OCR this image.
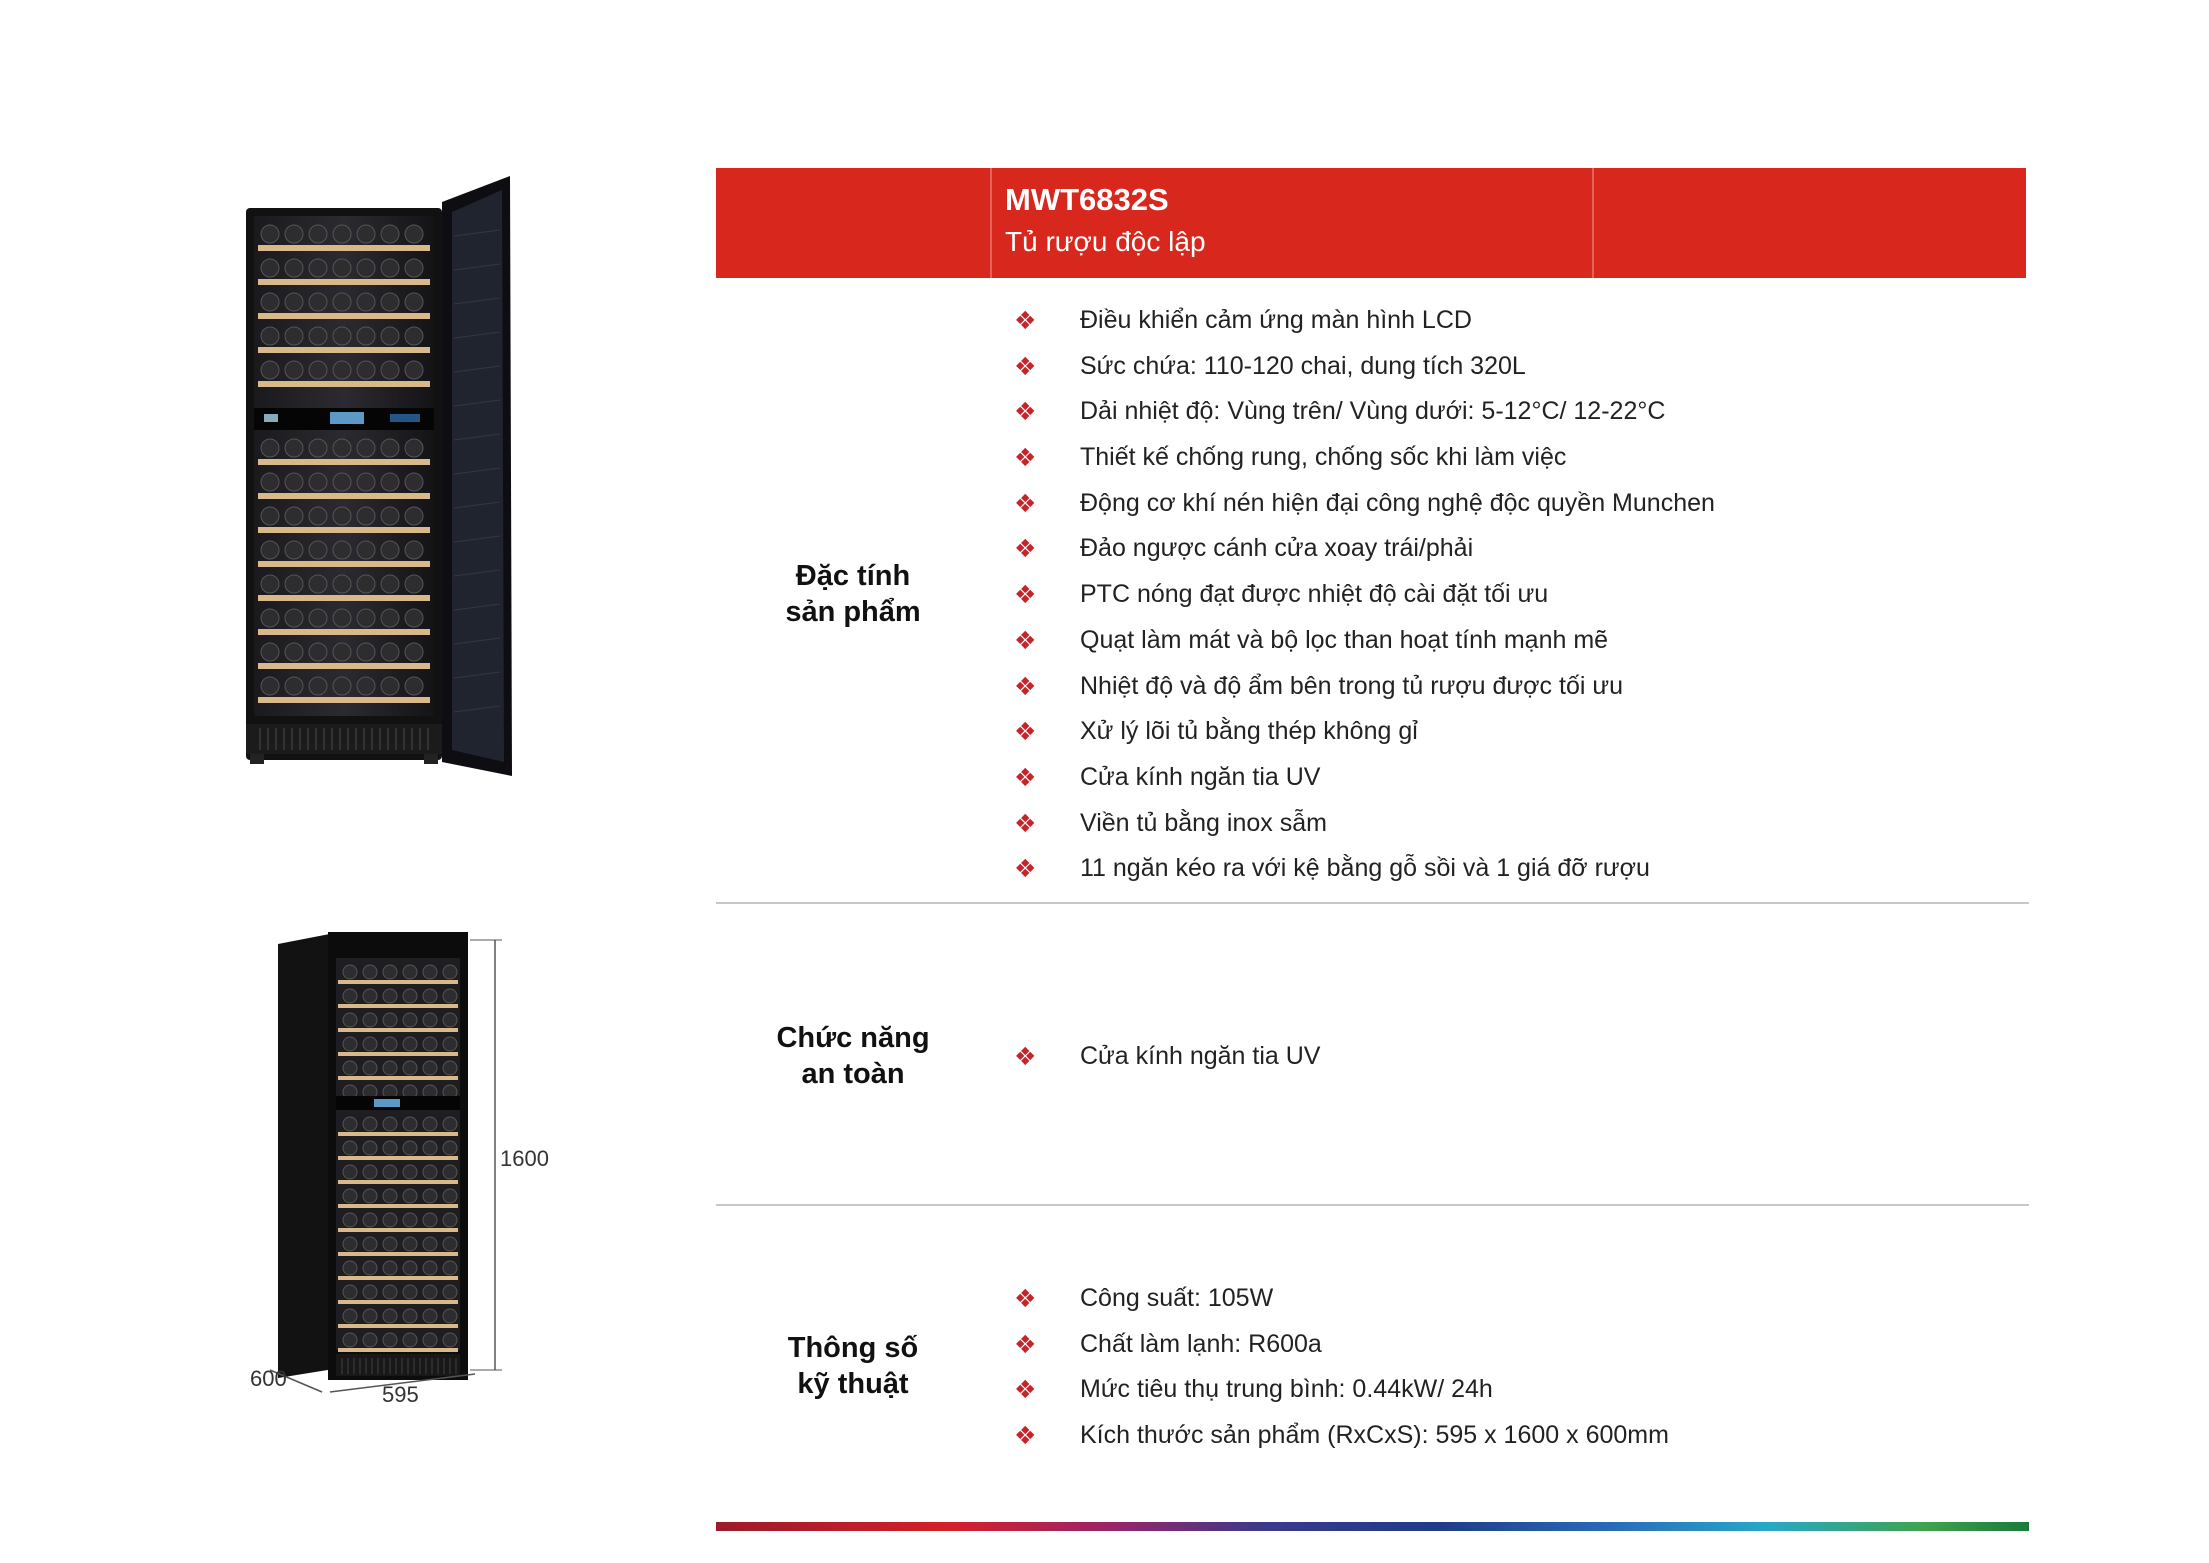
MWT6832S
Tủ rượu độc lập
Đặc tính
sản phẩm
❖	Điều khiển cảm ứng màn hình LCD
❖	Sức chứa: 110-120 chai, dung tích 320L
❖	Dải nhiệt độ: Vùng trên/ Vùng dưới: 5-12°C/ 12-22°C
❖	Thiết kế chống rung, chống sốc khi làm việc
❖	Động cơ khí nén hiện đại công nghệ độc quyền Munchen
❖	Đảo ngược cánh cửa xoay trái/phải
❖	PTC nóng đạt được nhiệt độ cài đặt tối ưu
❖	Quạt làm mát và bộ lọc than hoạt tính mạnh mẽ
❖	Nhiệt độ và độ ẩm bên trong tủ rượu được tối ưu
❖	Xử lý lõi tủ bằng thép không gỉ
❖	Cửa kính ngăn tia UV
❖	Viền tủ bằng inox sẫm
❖	11 ngăn kéo ra với kệ bằng gỗ sồi và 1 giá đỡ rượu
Chức năng
an toàn
❖	Cửa kính ngăn tia UV
Thông số
kỹ thuật
❖	Công suất: 105W
❖	Chất làm lạnh: R600a
❖	Mức tiêu thụ trung bình: 0.44kW/ 24h
❖	Kích thước sản phẩm (RxCxS): 595 x 1600 x 600mm
1600
595
600
